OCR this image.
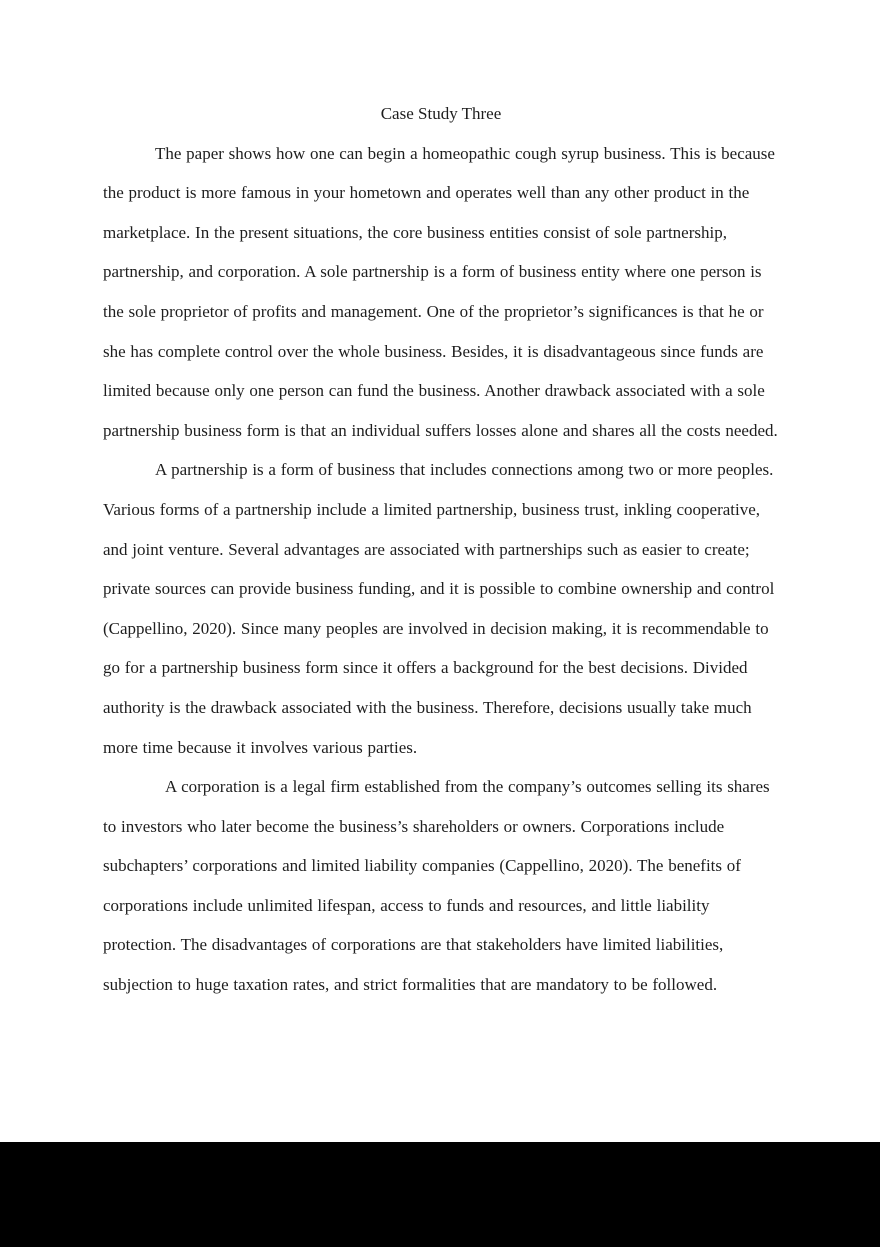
Case Study Three

The paper shows how one can begin a homeopathic cough syrup business. This is because the product is more famous in your hometown and operates well than any other product in the marketplace. In the present situations, the core business entities consist of sole partnership, partnership, and corporation. A sole partnership is a form of business entity where one person is the sole proprietor of profits and management. One of the proprietor’s significances is that he or she has complete control over the whole business. Besides, it is disadvantageous since funds are limited because only one person can fund the business. Another drawback associated with a sole partnership business form is that an individual suffers losses alone and shares all the costs needed.

A partnership is a form of business that includes connections among two or more peoples. Various forms of a partnership include a limited partnership, business trust, inkling cooperative, and joint venture. Several advantages are associated with partnerships such as easier to create; private sources can provide business funding, and it is possible to combine ownership and control (Cappellino, 2020). Since many peoples are involved in decision making, it is recommendable to go for a partnership business form since it offers a background for the best decisions. Divided authority is the drawback associated with the business. Therefore, decisions usually take much more time because it involves various parties.

A corporation is a legal firm established from the company’s outcomes selling its shares to investors who later become the business’s shareholders or owners. Corporations include subchapters’ corporations and limited liability companies (Cappellino, 2020). The benefits of corporations include unlimited lifespan, access to funds and resources, and little liability protection. The disadvantages of corporations are that stakeholders have limited liabilities, subjection to huge taxation rates, and strict formalities that are mandatory to be followed.
